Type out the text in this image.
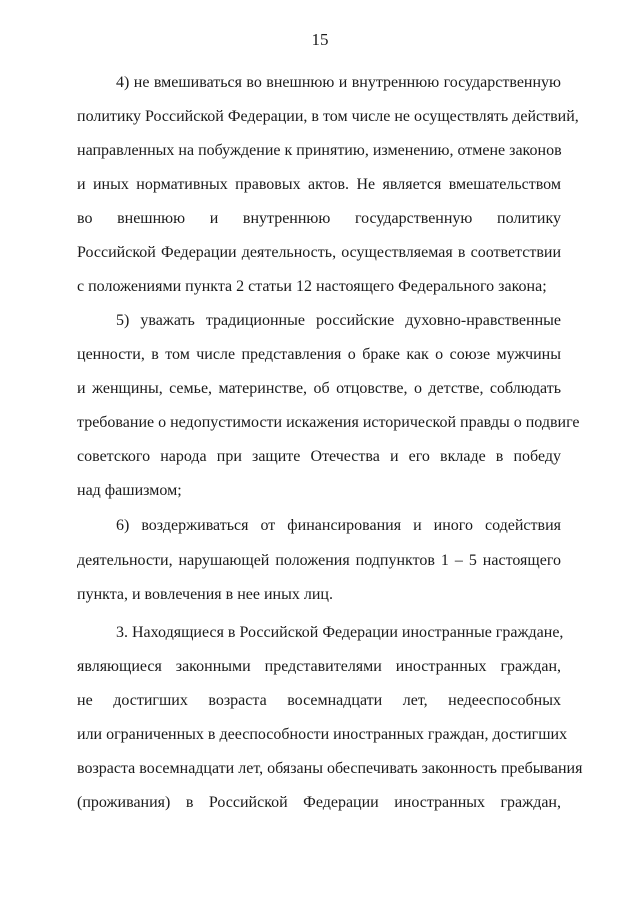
15
4) не вмешиваться во внешнюю и внутреннюю государственную
политику Российской Федерации, в том числе не осуществлять действий,
направленных на побуждение к принятию, изменению, отмене законов
и иных нормативных правовых актов. Не является вмешательством
во внешнюю и внутреннюю государственную политику
Российской Федерации деятельность, осуществляемая в соответствии
с положениями пункта 2 статьи 12 настоящего Федерального закона;
5) уважать традиционные российские духовно-нравственные
ценности, в том числе представления о браке как о союзе мужчины
и женщины, семье, материнстве, об отцовстве, о детстве, соблюдать
требование о недопустимости искажения исторической правды о подвиге
советского народа при защите Отечества и его вкладе в победу
над фашизмом;
6) воздерживаться от финансирования и иного содействия
деятельности, нарушающей положения подпунктов 1 – 5 настоящего
пункта, и вовлечения в нее иных лиц.
3. Находящиеся в Российской Федерации иностранные граждане,
являющиеся законными представителями иностранных граждан,
не достигших возраста восемнадцати лет, недееспособных
или ограниченных в дееспособности иностранных граждан, достигших
возраста восемнадцати лет, обязаны обеспечивать законность пребывания
(проживания) в Российской Федерации иностранных граждан,
